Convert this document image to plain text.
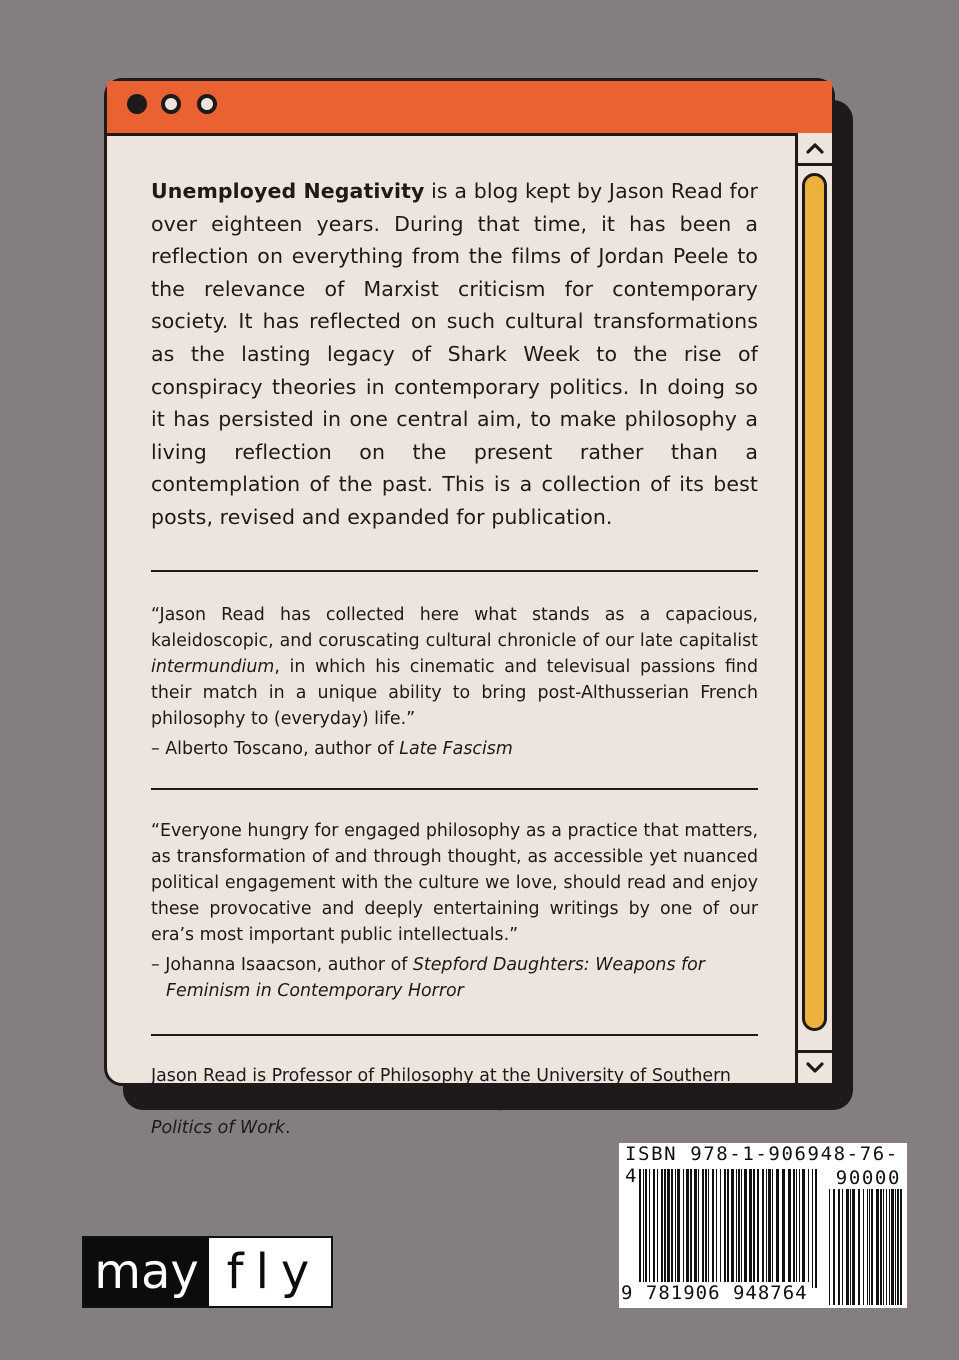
Unemployed Negativity is a blog kept by Jason Read for over eighteen years. During that time, it has been a reflection on everything from the films of Jordan Peele to the relevance of Marxist criticism for contemporary society. It has reflected on such cultural transformations as the lasting legacy of Shark Week to the rise of conspiracy theories in contemporary politics. In doing so it has persisted in one central aim, to make philosophy a living reflection on the present rather than a contemplation of the past. This is a collection of its best posts, revised and expanded for publication.

“Jason Read has collected here what stands as a capacious, kaleidoscopic, and coruscating cultural chronicle of our late capitalist intermundium, in which his cinematic and televisual passions find their match in a unique ability to bring post-Althusserian French philosophy to (everyday) life.”

– Alberto Toscano, author of Late Fascism

“Everyone hungry for engaged philosophy as a practice that matters, as transformation of and through thought, as accessible yet nuanced political engagement with the culture we love, should read and enjoy these provocative and deeply entertaining writings by one of our era’s most important public intellectuals.”

– Johanna Isaacson, author of Stepford Daughters: Weapons for Feminism in Contemporary Horror

Jason Read is Professor of Philosophy at the University of Southern Maine and author of The Double Shift: Spinoza and Marx on the Politics of Work.

ISBN 978-1-906948-76-4	90000
9 781906 948764
may fly
